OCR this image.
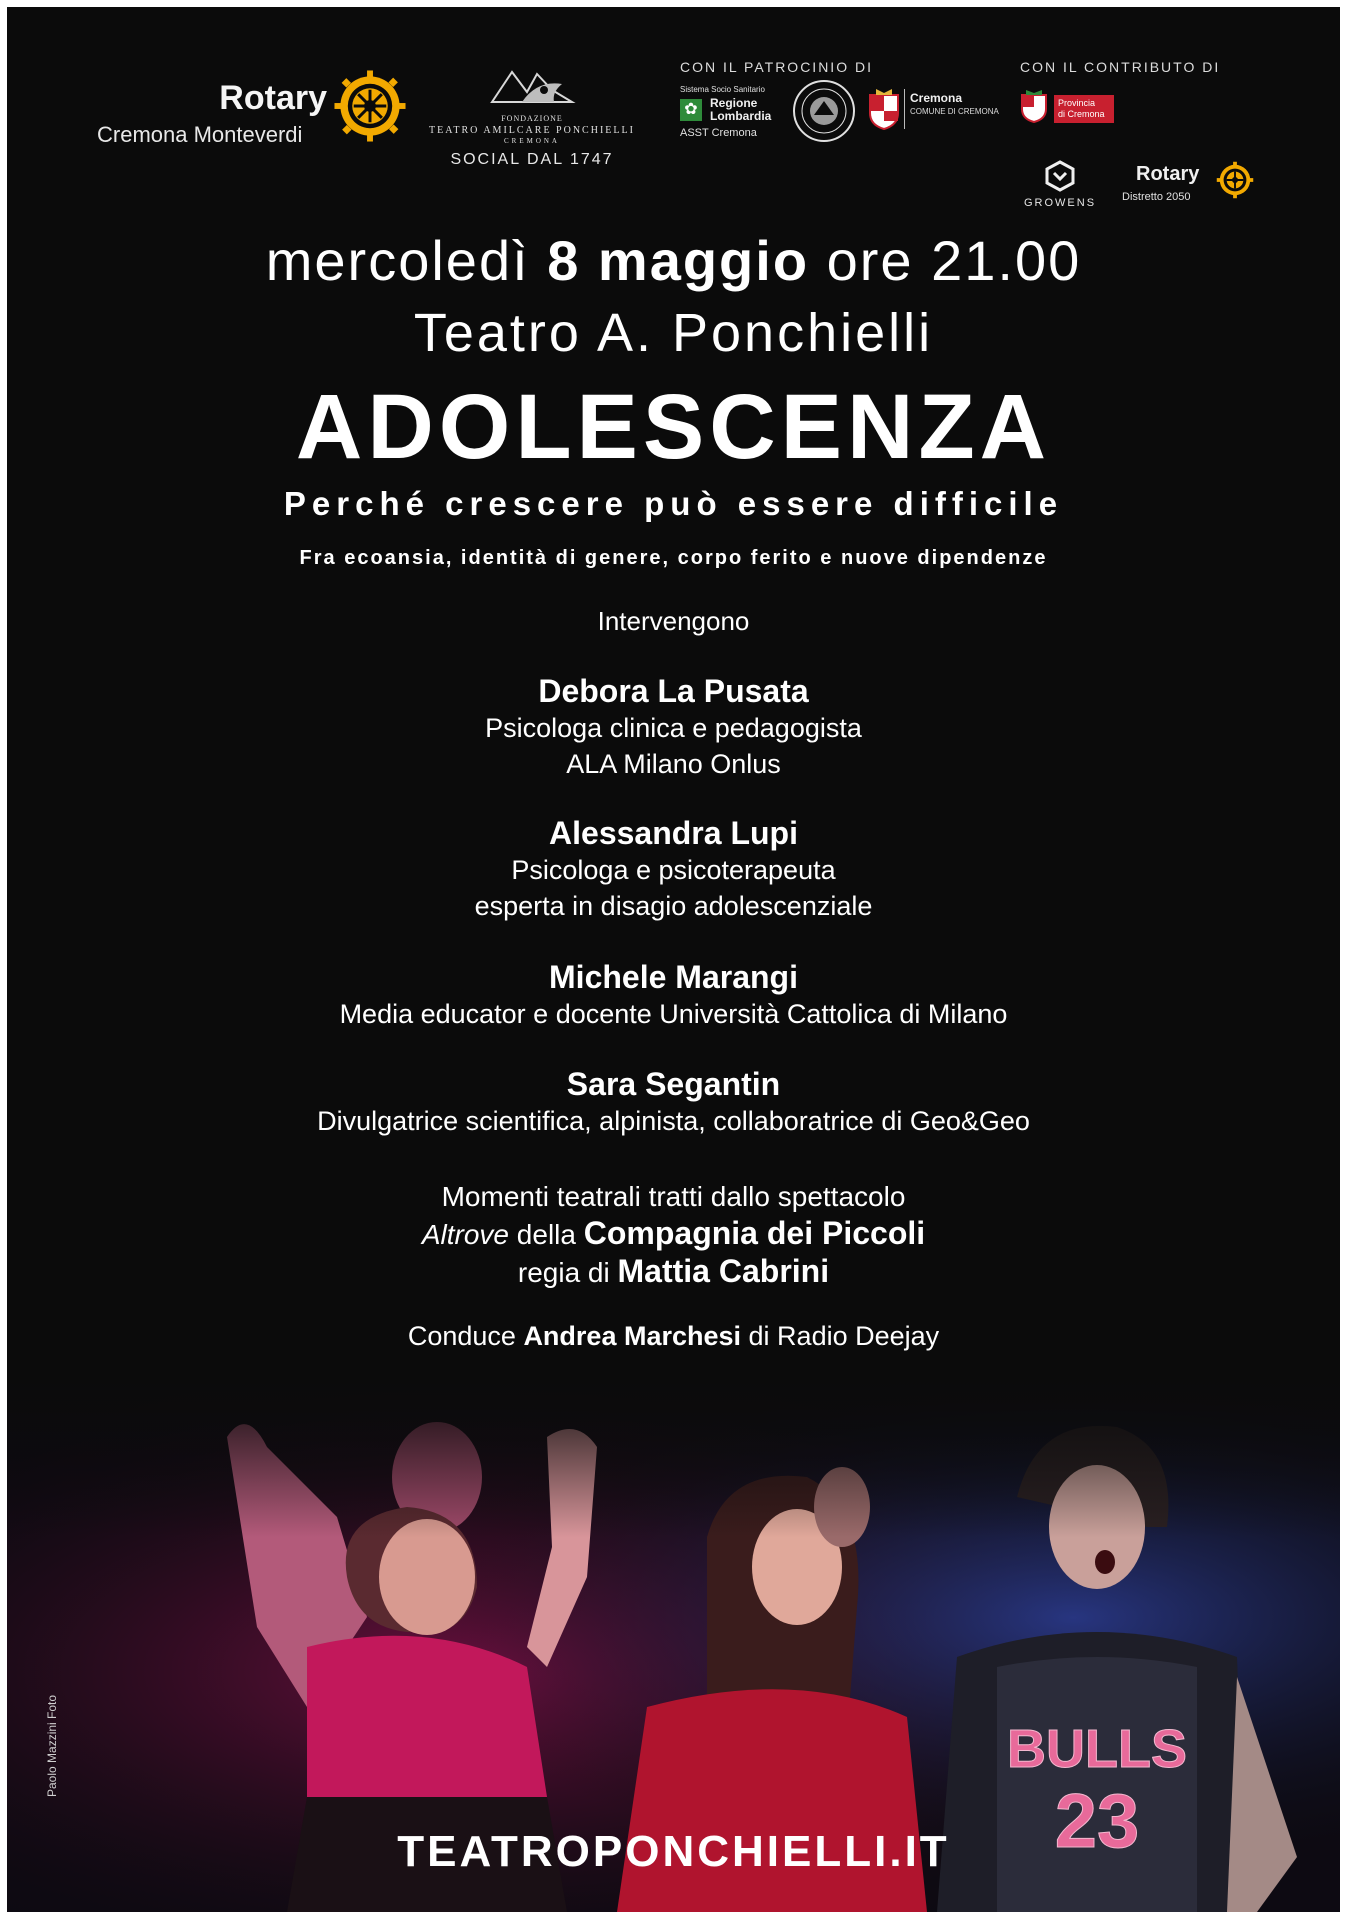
Rotary
Cremona Monteverdi
FONDAZIONE
TEATRO AMILCARE PONCHIELLI
CREMONA
SOCIAL DAL 1747
CON IL PATROCINIO DI
Sistema Socio Sanitario
✿	Regione
Lombardia
ASST Cremona
Cremona
COMUNE DI CREMONA
CON IL CONTRIBUTO DI
Provincia
di Cremona
GROWENS
Rotary
Distretto 2050
mercoledì 8 maggio ore 21.00
Teatro A. Ponchielli
ADOLESCENZA
Perché crescere può essere difficile
Fra ecoansia, identità di genere, corpo ferito e nuove dipendenze
Intervengono
Debora La Pusata
Psicologa clinica e pedagogista
ALA Milano Onlus
Alessandra Lupi
Psicologa e psicoterapeuta
esperta in disagio adolescenziale
Michele Marangi
Media educator e docente Università Cattolica di Milano
Sara Segantin
Divulgatrice scientifica, alpinista, collaboratrice di Geo&Geo
Momenti teatrali tratti dallo spettacolo
Altrove della Compagnia dei Piccoli
regia di Mattia Cabrini
Conduce Andrea Marchesi di Radio Deejay
Paolo Mazzini Foto
TEATROPONCHIELLI.IT
